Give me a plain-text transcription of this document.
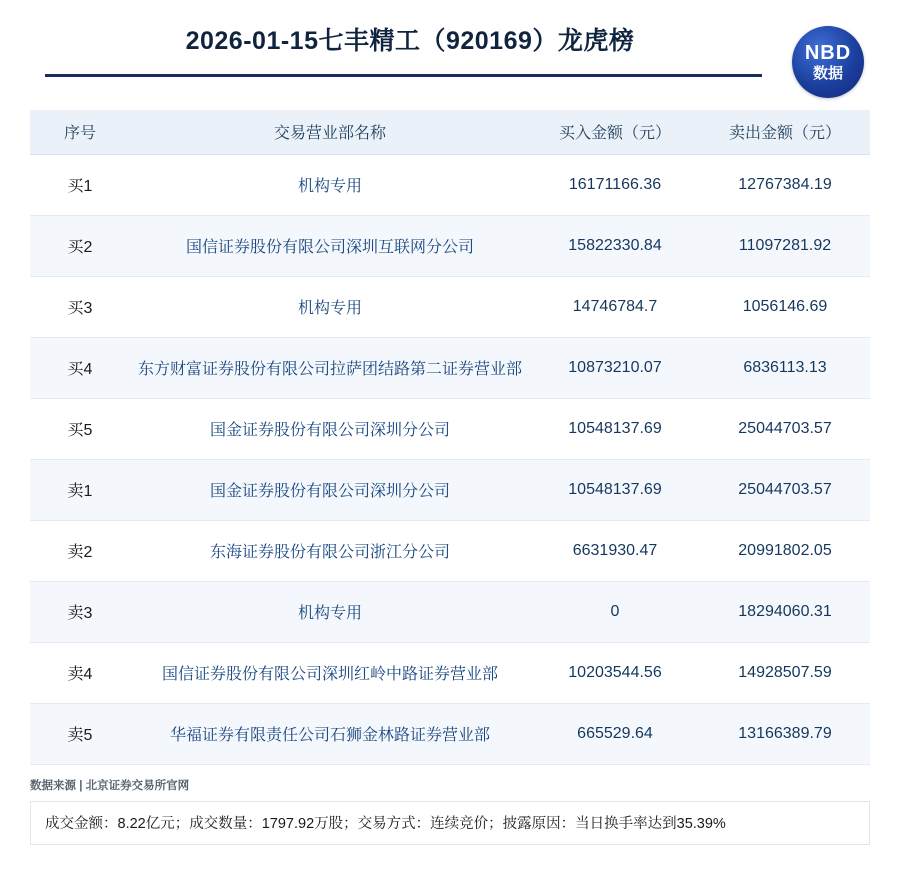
2026-01-15七丰精工（920169）龙虎榜	NBD
数据
序号	交易营业部名称	买入金额（元）	卖出金额（元）
买1	机构专用	16171166.36	12767384.19
买2	国信证券股份有限公司深圳互联网分公司	15822330.84	11097281.92
买3	机构专用	14746784.7	1056146.69
买4	东方财富证券股份有限公司拉萨团结路第二证券营业部	10873210.07	6836113.13
买5	国金证券股份有限公司深圳分公司	10548137.69	25044703.57
卖1	国金证券股份有限公司深圳分公司	10548137.69	25044703.57
卖2	东海证券股份有限公司浙江分公司	6631930.47	20991802.05
卖3	机构专用	0	18294060.31
卖4	国信证券股份有限公司深圳红岭中路证券营业部	10203544.56	14928507.59
卖5	华福证券有限责任公司石狮金林路证券营业部	665529.64	13166389.79
数据来源 | 北京证券交易所官网
成交金额：8.22亿元；成交数量：1797.92万股；交易方式：连续竞价；披露原因：当日换手率达到35.39%
